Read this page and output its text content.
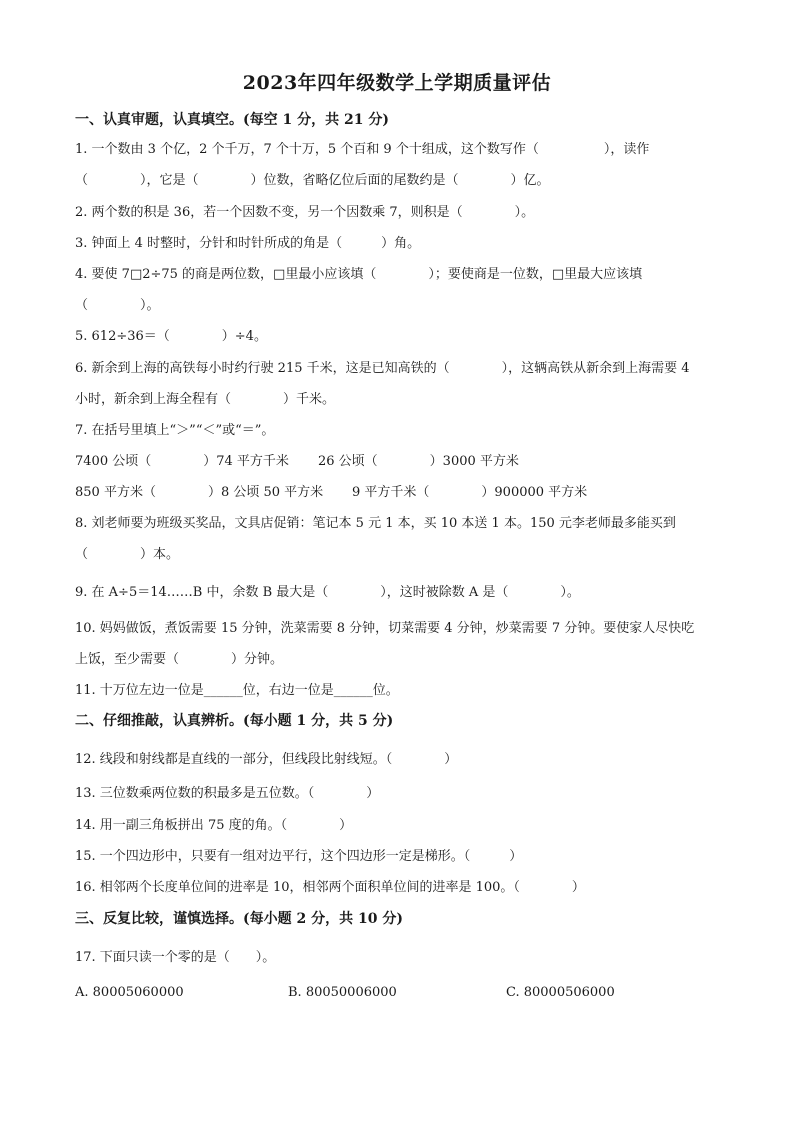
2023年四年级数学上学期质量评估
一、认真审题，认真填空。(每空 1 分，共 21 分)
1. 一个数由 3 个亿，2 个千万，7 个十万，5 个百和 9 个十组成，这个数写作（　　　　　），读作
（　　　　），它是（　　　　）位数，省略亿位后面的尾数约是（　　　　）亿。
2. 两个数的积是 36，若一个因数不变，另一个因数乘 7，则积是（　　　　）。
3. 钟面上 4 时整时，分针和时针所成的角是（　　　）角。
4. 要使 7□2÷75 的商是两位数，□里最小应该填（　　　　）；要使商是一位数，□里最大应该填
（　　　　）。
5. 612÷36＝（　　　　）÷4。
6. 新余到上海的高铁每小时约行驶 215 千米，这是已知高铁的（　　　　），这辆高铁从新余到上海需要 4
小时，新余到上海全程有（　　　　）千米。
7. 在括号里填上“＞”“＜”或“＝”。
7400 公顷（　　　　）74 平方千米 26 公顷（　　　　）3000 平方米
850 平方米（　　　　）8 公顷 50 平方米 9 平方千米（　　　　）900000 平方米
8. 刘老师要为班级买奖品，文具店促销：笔记本 5 元 1 本，买 10 本送 1 本。150 元李老师最多能买到
（　　　　）本。
9. 在 A÷5＝14……B 中，余数 B 最大是（　　　　），这时被除数 A 是（　　　　）。
10. 妈妈做饭，煮饭需要 15 分钟，洗菜需要 8 分钟，切菜需要 4 分钟，炒菜需要 7 分钟。要使家人尽快吃
上饭，至少需要（　　　　）分钟。
11. 十万位左边一位是______位，右边一位是______位。
二、仔细推敲，认真辨析。(每小题 1 分，共 5 分)
12. 线段和射线都是直线的一部分，但线段比射线短。（　　　　）
13. 三位数乘两位数的积最多是五位数。（　　　　）
14. 用一副三角板拼出 75 度的角。（　　　　）
15. 一个四边形中，只要有一组对边平行，这个四边形一定是梯形。（　　　）
16. 相邻两个长度单位间的进率是 10，相邻两个面积单位间的进率是 100。（　　　　）
三、反复比较，谨慎选择。(每小题 2 分，共 10 分)
17. 下面只读一个零的是（　　）。
A. 80005060000	B. 80050006000	C. 80000506000
